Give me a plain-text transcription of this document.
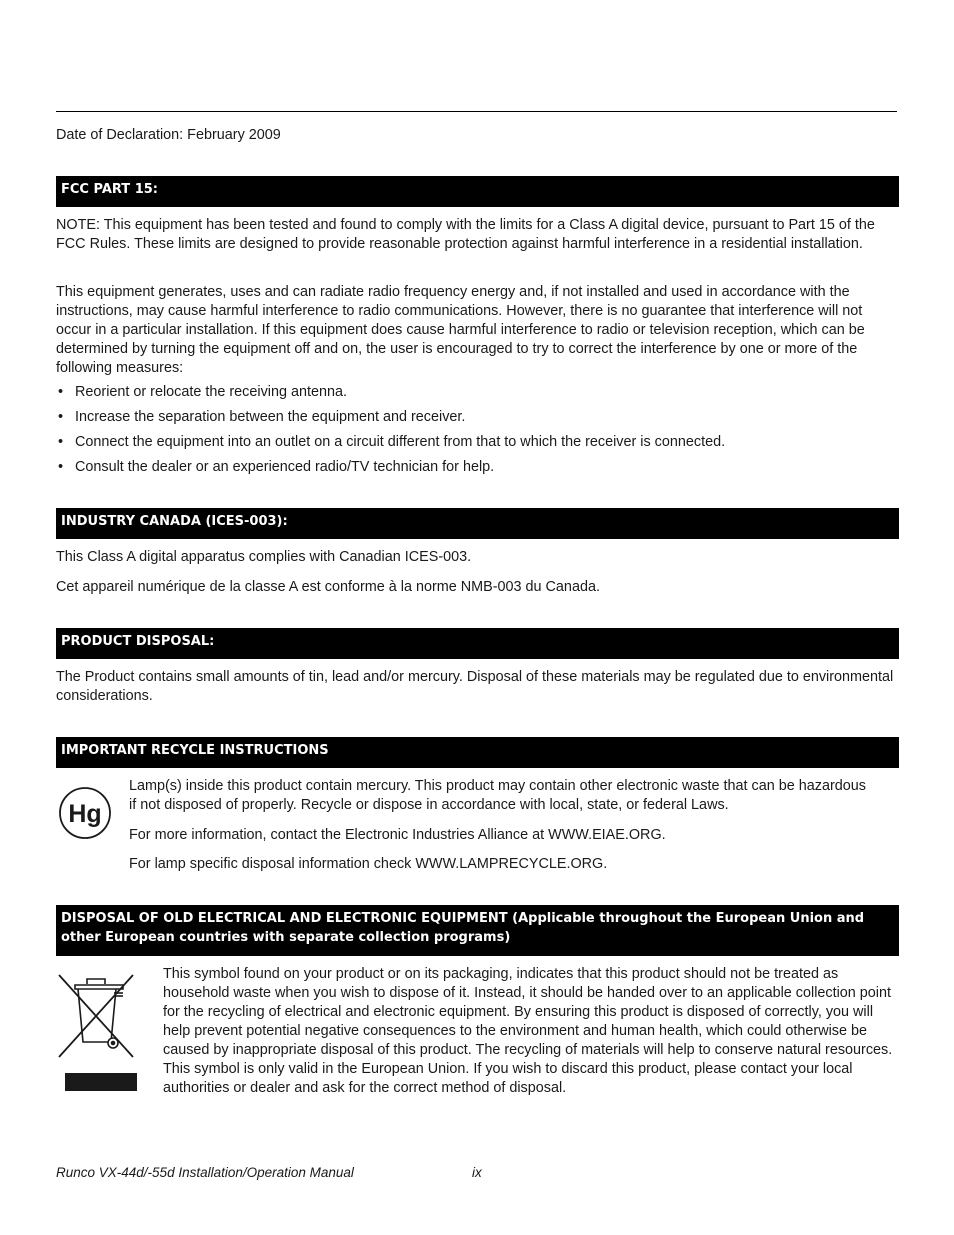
Date of Declaration: February 2009

FCC PART 15:

NOTE: This equipment has been tested and found to comply with the limits for a Class A digital device, pursuant to Part 15 of the FCC Rules. These limits are designed to provide reasonable protection against harmful interference in a residential installation.

This equipment generates, uses and can radiate radio frequency energy and, if not installed and used in accordance with the instructions, may cause harmful interference to radio communications. However, there is no guarantee that interference will not occur in a particular installation. If this equipment does cause harmful interference to radio or television reception, which can be determined by turning the equipment off and on, the user is encouraged to try to correct the interference by one or more of the following measures:

• Reorient or relocate the receiving antenna.
• Increase the separation between the equipment and receiver.
• Connect the equipment into an outlet on a circuit different from that to which the receiver is connected.
• Consult the dealer or an experienced radio/TV technician for help.
INDUSTRY CANADA (ICES-003):

This Class A digital apparatus complies with Canadian ICES-003.

Cet appareil numérique de la classe A est conforme à la norme NMB-003 du Canada.

PRODUCT DISPOSAL:

The Product contains small amounts of tin, lead and/or mercury. Disposal of these materials may be regulated due to environmental considerations.

IMPORTANT RECYCLE INSTRUCTIONS
Hg

Lamp(s) inside this product contain mercury. This product may contain other electronic waste that can be hazardous if not disposed of properly. Recycle or dispose in accordance with local, state, or federal Laws.

For more information, contact the Electronic Industries Alliance at WWW.EIAE.ORG.

For lamp specific disposal information check WWW.LAMPRECYCLE.ORG.

DISPOSAL OF OLD ELECTRICAL AND ELECTRONIC EQUIPMENT (Applicable throughout the European Union and other European countries with separate collection programs)

This symbol found on your product or on its packaging, indicates that this product should not be treated as household waste when you wish to dispose of it. Instead, it should be handed over to an applicable collection point for the recycling of electrical and electronic equipment. By ensuring this product is disposed of correctly, you will help prevent potential negative consequences to the environment and human health, which could otherwise be caused by inappropriate disposal of this product. The recycling of materials will help to conserve natural resources. This symbol is only valid in the European Union. If you wish to discard this product, please contact your local authorities or dealer and ask for the correct method of disposal.

Runco VX-44d/-55d Installation/Operation Manual	ix
